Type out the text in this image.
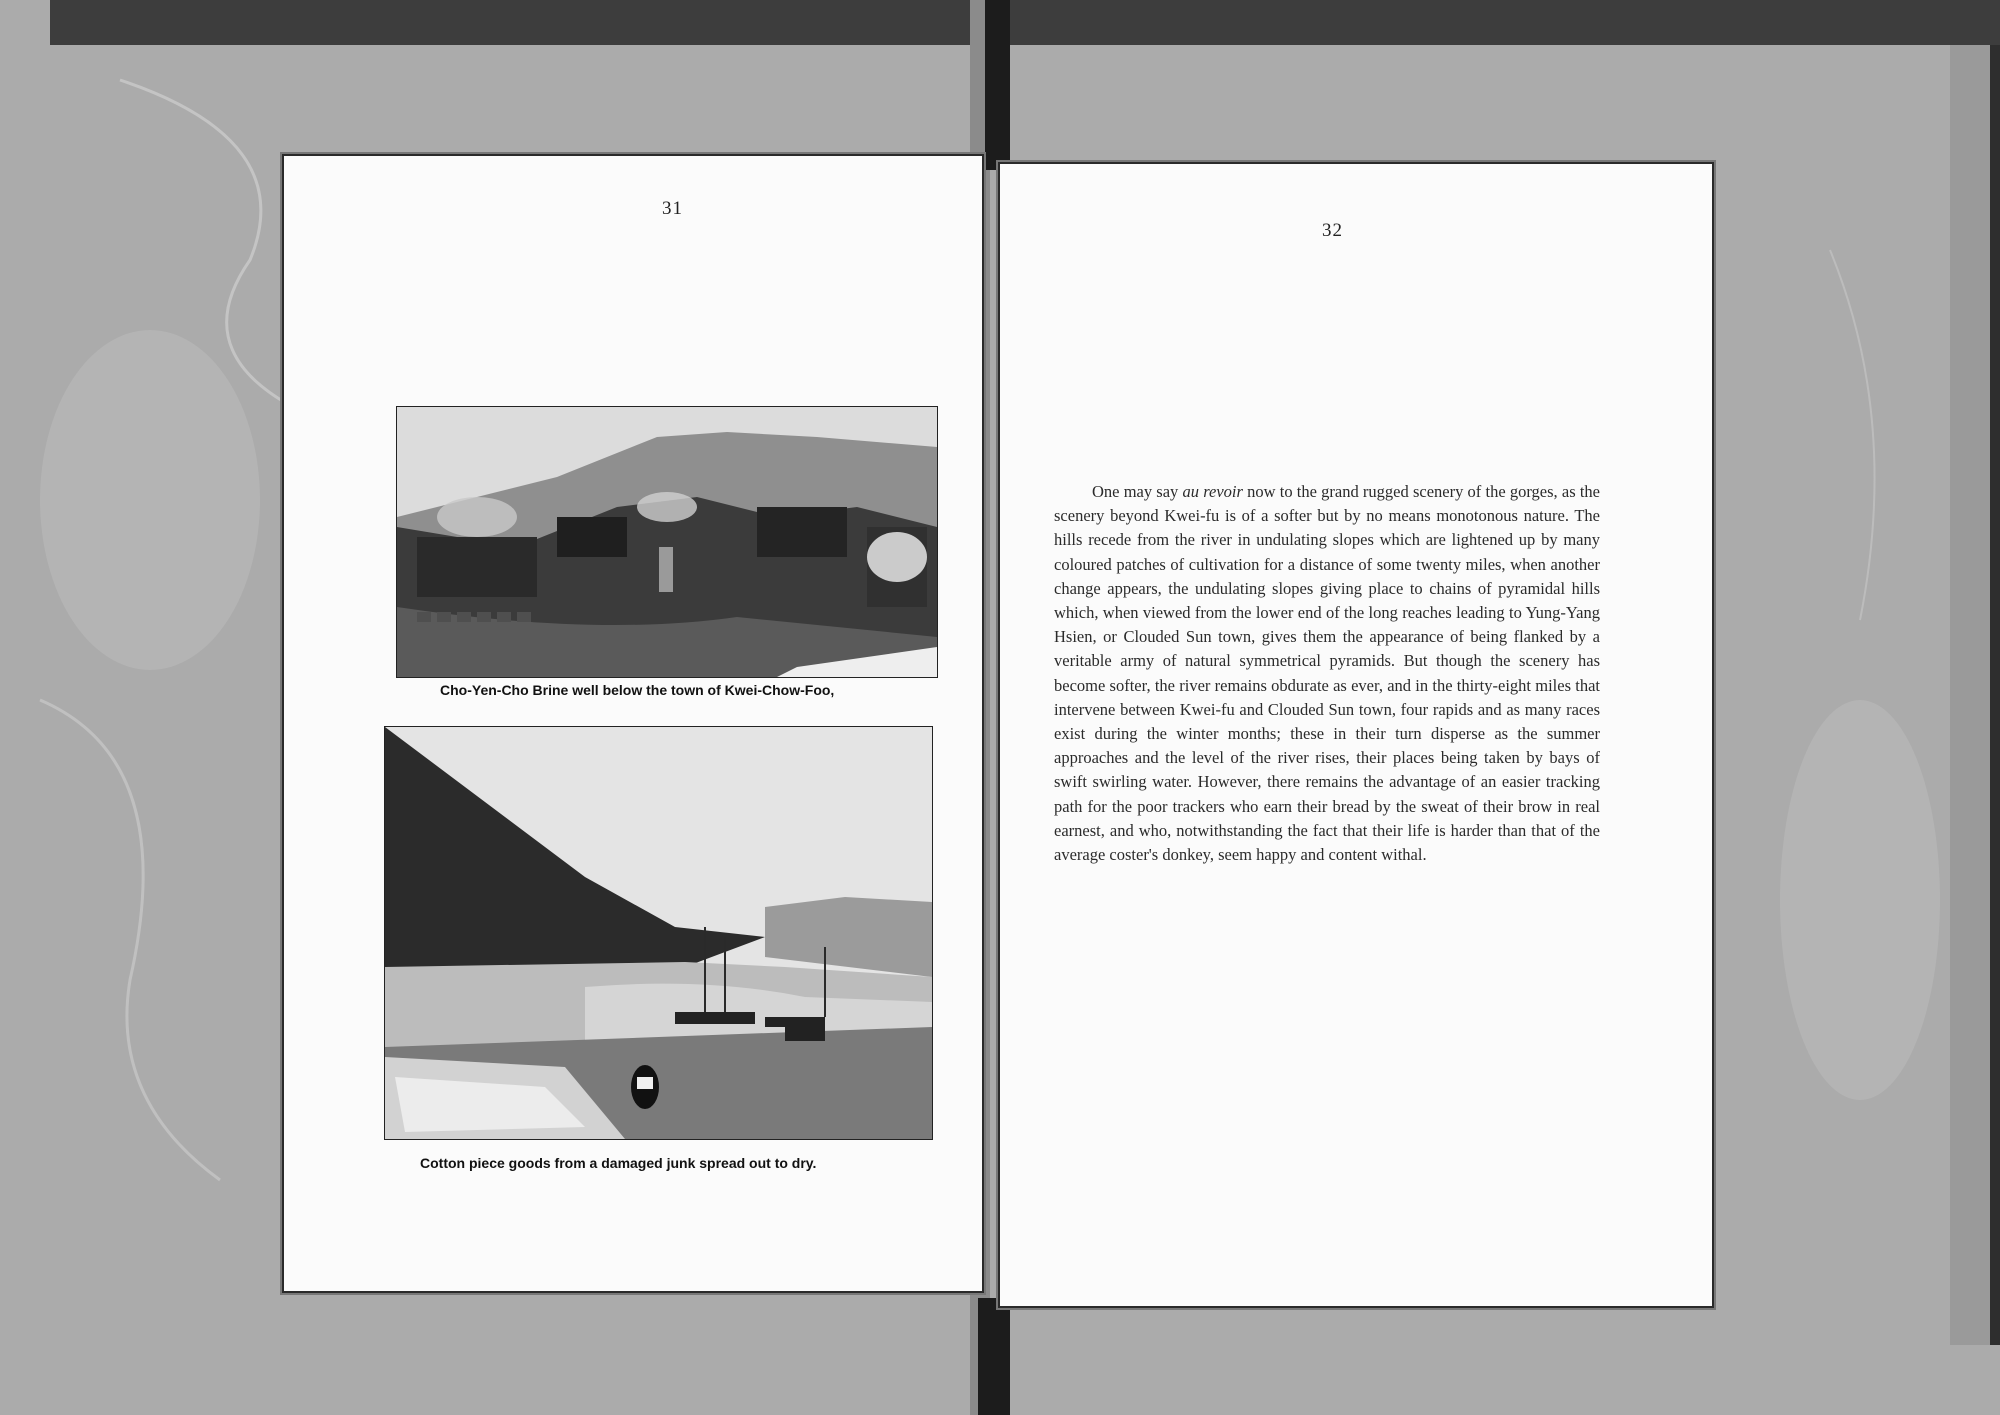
31
Cho-Yen-Cho Brine well below the town of Kwei-Chow-Foo,
Cotton piece goods from a damaged junk spread out to dry.
32

One may say au revoir now to the grand rugged scenery of the gorges, as the scenery beyond Kwei-fu is of a softer but by no means monotonous nature. The hills recede from the river in undulating slopes which are lightened up by many coloured patches of cultivation for a distance of some twenty miles, when another change appears, the undulating slopes giving place to chains of pyramidal hills which, when viewed from the lower end of the long reaches leading to Yung-Yang Hsien, or Clouded Sun town, gives them the appearance of being flanked by a veritable army of natural symmetrical pyramids. But though the scenery has become softer, the river remains obdurate as ever, and in the thirty-eight miles that intervene between Kwei-fu and Clouded Sun town, four rapids and as many races exist during the winter months; these in their turn disperse as the summer approaches and the level of the river rises, their places being taken by bays of swift swirling water. However, there remains the advantage of an easier tracking path for the poor trackers who earn their bread by the sweat of their brow in real earnest, and who, notwithstanding the fact that their life is harder than that of the average coster's donkey, seem happy and content withal.
